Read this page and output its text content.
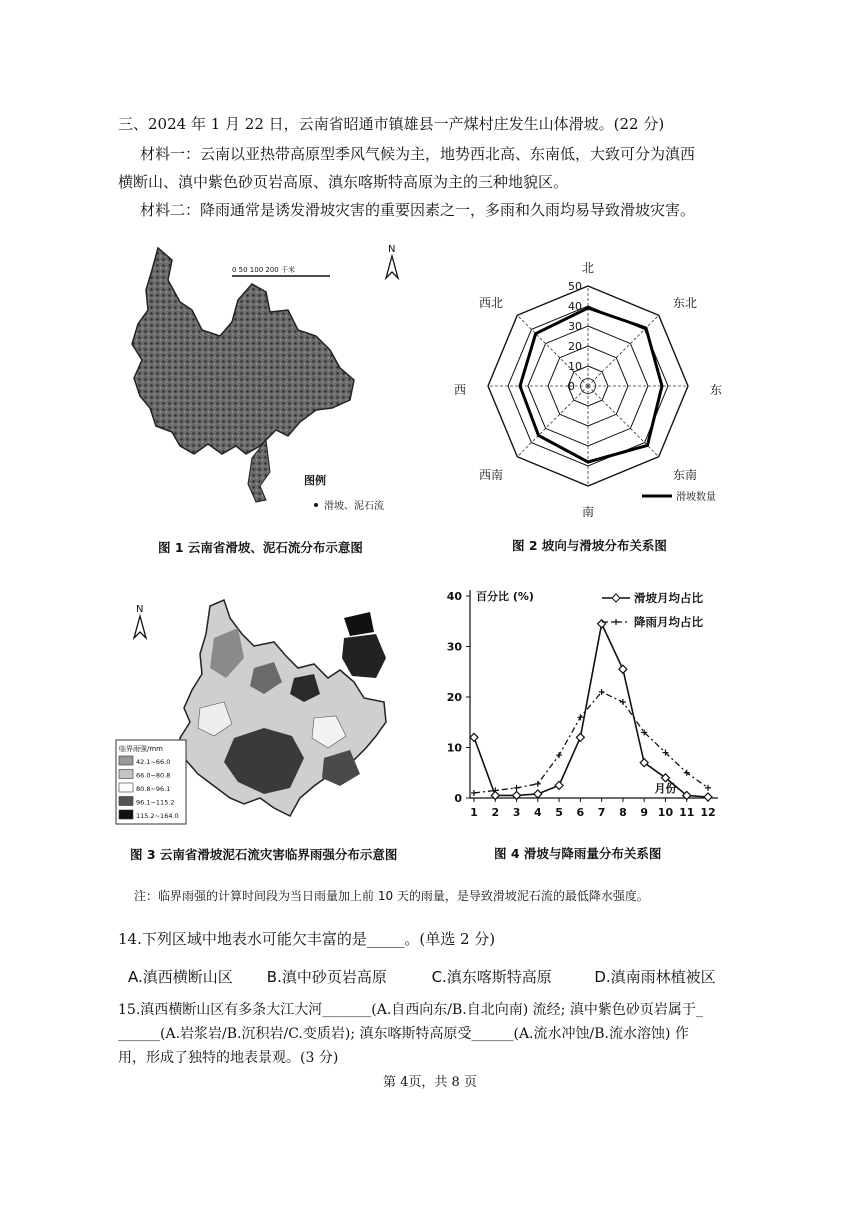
三、2024 年 1 月 22 日，云南省昭通市镇雄县一产煤村庄发生山体滑坡。(22 分)
材料一：云南以亚热带高原型季风气候为主，地势西北高、东南低，大致可分为滇西
横断山、滇中紫色砂页岩高原、滇东喀斯特高原为主的三种地貌区。
材料二：降雨通常是诱发滑坡灾害的重要因素之一，多雨和久雨均易导致滑坡灾害。
0 50 100 200 千米
N
图例
滑坡、泥石流
图 1 云南省滑坡、泥石流分布示意图
0
10
20
30
40
50
北
东北
东
东南
南
西南
西
西北
滑坡数量
图 2 坡向与滑坡分布关系图
N
临界雨强/mm
42.1~66.0
66.0~80.8
80.8~96.1
96.1~115.2
115.2~164.0
图 3 云南省滑坡泥石流灾害临界雨强分布示意图
0
10
20
30
40
1 2 3 4 5 6 7 8 9 10 11 12
百分比 (%)
月份
滑坡月均占比
降雨月均占比
图 4 滑坡与降雨量分布关系图
注：临界雨强的计算时间段为当日雨量加上前 10 天的雨量，是导致滑坡泥石流的最低降水强度。
14.下列区域中地表水可能欠丰富的是_____。(单选 2 分)
A.滇西横断山区 B.滇中砂页岩高原	C.滇东喀斯特高原	D.滇南雨林植被区
15.滇西横断山区有多条大江大河_______(A.自西向东/B.自北向南) 流经; 滇中紫色砂页岩属于_
______(A.岩浆岩/B.沉积岩/C.变质岩); 滇东喀斯特高原受______(A.流水冲蚀/B.流水溶蚀) 作
用，形成了独特的地表景观。(3 分)
第 4页，共 8 页
